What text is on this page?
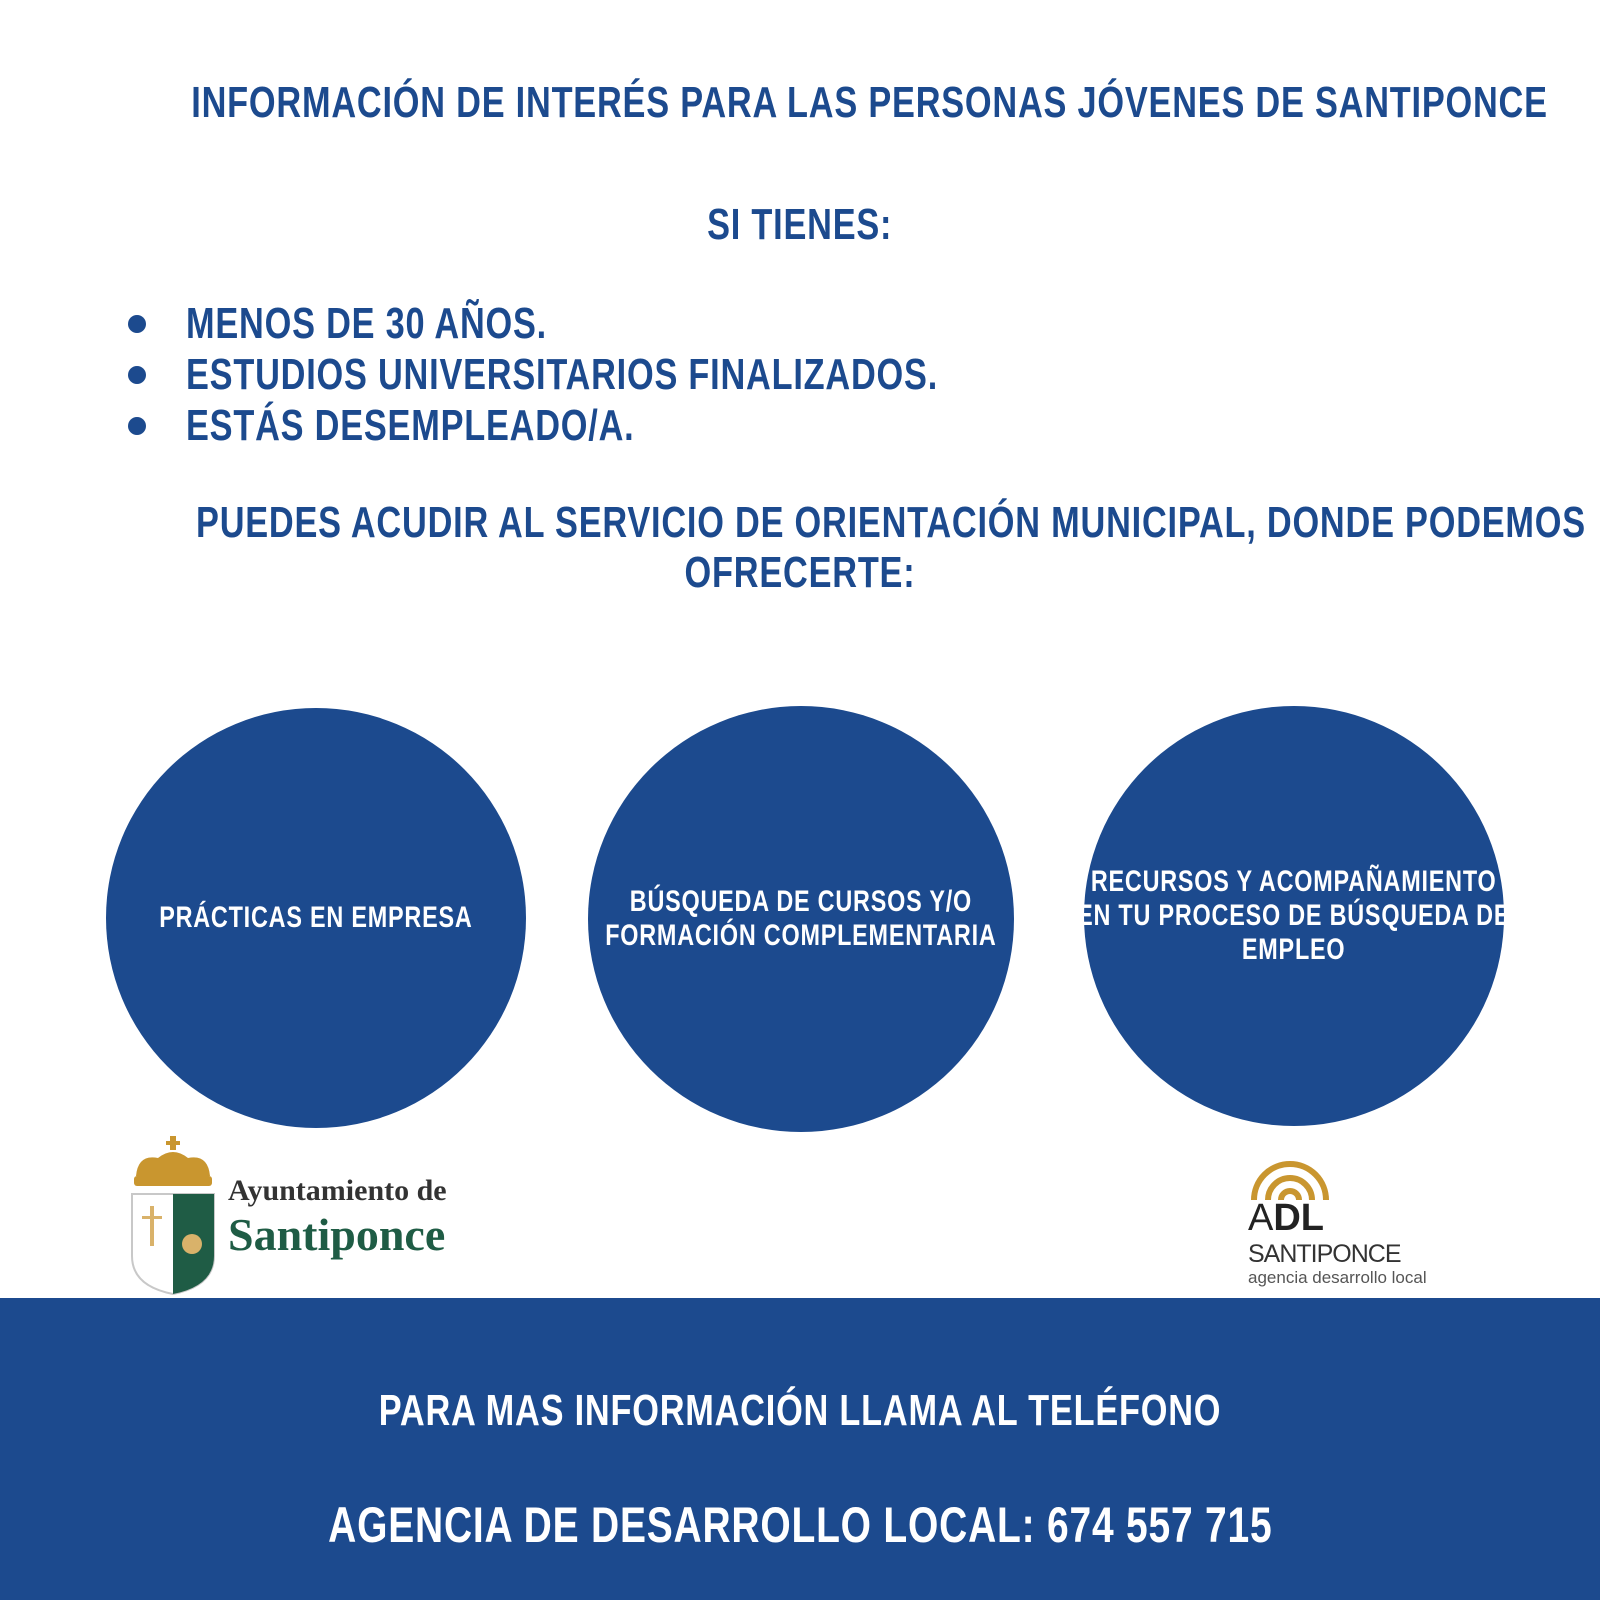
INFORMACIÓN DE INTERÉS PARA LAS PERSONAS JÓVENES DE SANTIPONCE
SI TIENES:
MENOS DE 30 AÑOS.
ESTUDIOS UNIVERSITARIOS FINALIZADOS.
ESTÁS DESEMPLEADO/A.
PUEDES ACUDIR AL SERVICIO DE ORIENTACIÓN MUNICIPAL, DONDE PODEMOS
OFRECERTE:
PRÁCTICAS EN EMPRESA	BÚSQUEDA DE CURSOS Y/O
FORMACIÓN COMPLEMENTARIA
RECURSOS Y ACOMPAÑAMIENTO
EN TU PROCESO DE BÚSQUEDA DE
EMPLEO
Ayuntamiento de
Santiponce	ADL
SANTIPONCE
agencia desarrollo local
PARA MAS INFORMACIÓN LLAMA AL TELÉFONO
AGENCIA DE DESARROLLO LOCAL: 674 557 715
